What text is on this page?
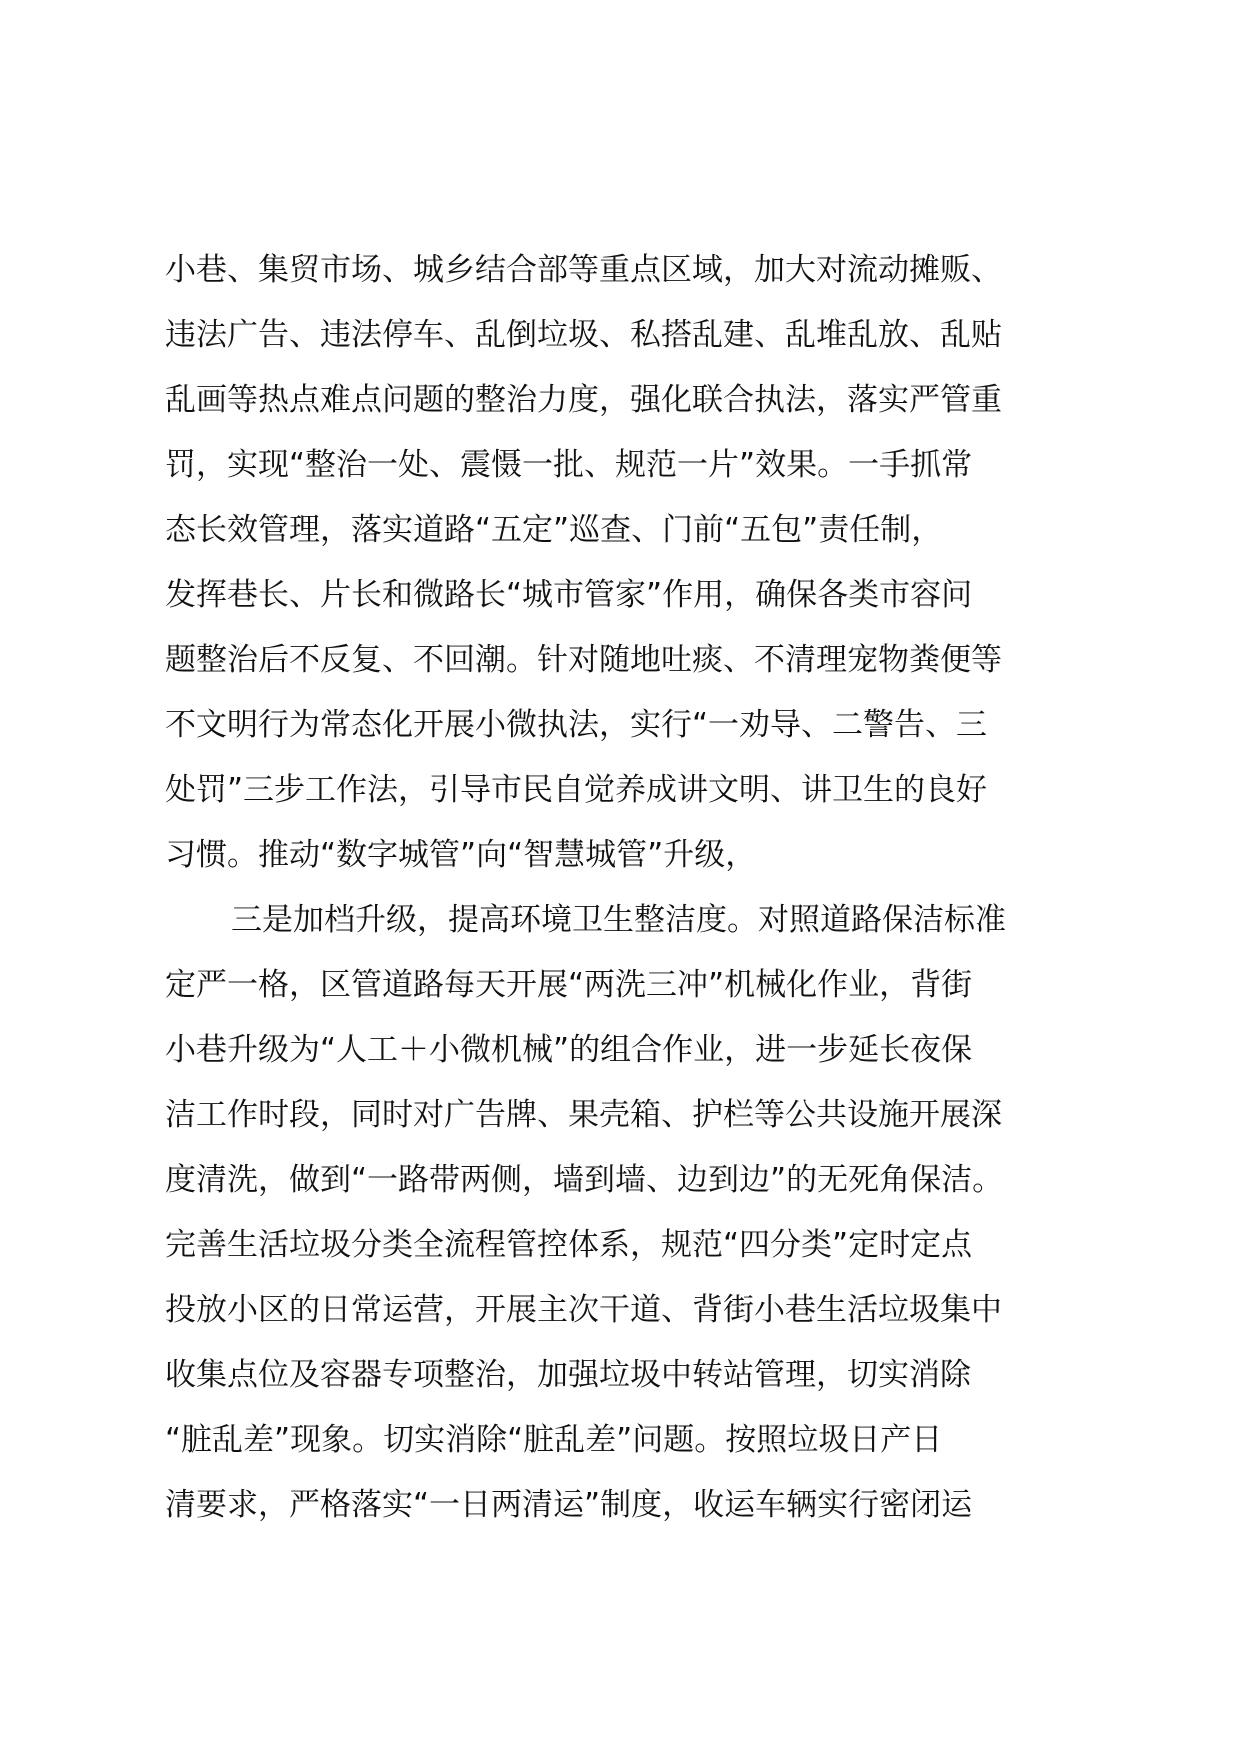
小巷、集贸市场、城乡结合部等重点区域，加大对流动摊贩、
违法广告、违法停车、乱倒垃圾、私搭乱建、乱堆乱放、乱贴
乱画等热点难点问题的整治力度，强化联合执法，落实严管重
罚，实现“整治一处、震慑一批、规范一片”效果。一手抓常
态长效管理，落实道路“五定”巡查、门前“五包”责任制，
发挥巷长、片长和微路长“城市管家”作用，确保各类市容问
题整治后不反复、不回潮。针对随地吐痰、不清理宠物粪便等
不文明行为常态化开展小微执法，实行“一劝导、二警告、三
处罚”三步工作法，引导市民自觉养成讲文明、讲卫生的良好
习惯。推动“数字城管”向“智慧城管”升级，
三是加档升级，提高环境卫生整洁度。对照道路保洁标准
定严一格，区管道路每天开展“两洗三冲”机械化作业，背街
小巷升级为“人工＋小微机械”的组合作业，进一步延长夜保
洁工作时段，同时对广告牌、果壳箱、护栏等公共设施开展深
度清洗，做到“一路带两侧，墙到墙、边到边”的无死角保洁。
完善生活垃圾分类全流程管控体系，规范“四分类”定时定点
投放小区的日常运营，开展主次干道、背街小巷生活垃圾集中
收集点位及容器专项整治，加强垃圾中转站管理，切实消除
“脏乱差”现象。切实消除“脏乱差”问题。按照垃圾日产日
清要求，严格落实“一日两清运”制度，收运车辆实行密闭运
